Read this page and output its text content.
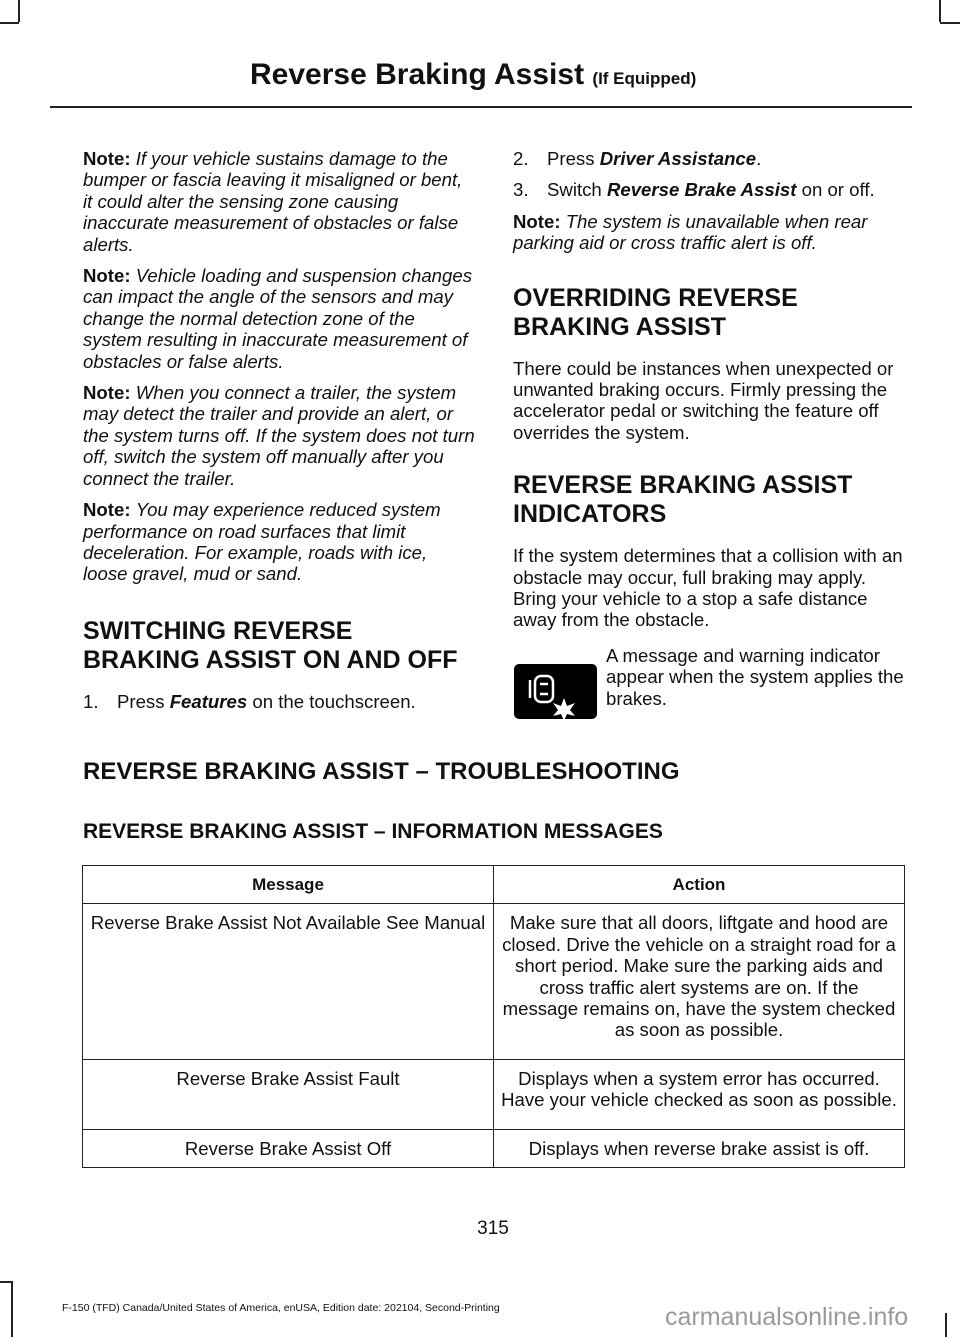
Reverse Braking Assist (If Equipped)

Note: If your vehicle sustains damage to the bumper or fascia leaving it misaligned or bent, it could alter the sensing zone causing inaccurate measurement of obstacles or false alerts.

Note: Vehicle loading and suspension changes can impact the angle of the sensors and may change the normal detection zone of the system resulting in inaccurate measurement of obstacles or false alerts.

Note: When you connect a trailer, the system may detect the trailer and provide an alert, or the system turns off. If the system does not turn off, switch the system off manually after you connect the trailer.

Note: You may experience reduced system performance on road surfaces that limit deceleration. For example, roads with ice, loose gravel, mud or sand.

SWITCHING REVERSE BRAKING ASSIST ON AND OFF

1. Press Features on the touchscreen.

2. Press Driver Assistance.

3. Switch Reverse Brake Assist on or off.

Note: The system is unavailable when rear parking aid or cross traffic alert is off.

OVERRIDING REVERSE BRAKING ASSIST

There could be instances when unexpected or unwanted braking occurs. Firmly pressing the accelerator pedal or switching the feature off overrides the system.

REVERSE BRAKING ASSIST INDICATORS

If the system determines that a collision with an obstacle may occur, full braking may apply. Bring your vehicle to a stop a safe distance away from the obstacle.

A message and warning indicator appear when the system applies the brakes.

REVERSE BRAKING ASSIST – TROUBLESHOOTING
REVERSE BRAKING ASSIST – INFORMATION MESSAGES
Message	Action
Reverse Brake Assist Not Available See Manual	Make sure that all doors, liftgate and hood are closed. Drive the vehicle on a straight road for a short period. Make sure the parking aids and cross traffic alert systems are on. If the message remains on, have the system checked as soon as possible.
Reverse Brake Assist Fault	Displays when a system error has occurred. Have your vehicle checked as soon as possible.
Reverse Brake Assist Off	Displays when reverse brake assist is off.
315
F-150 (TFD) Canada/United States of America, enUSA, Edition date: 202104, Second-Printing	carmanualsonline.info
